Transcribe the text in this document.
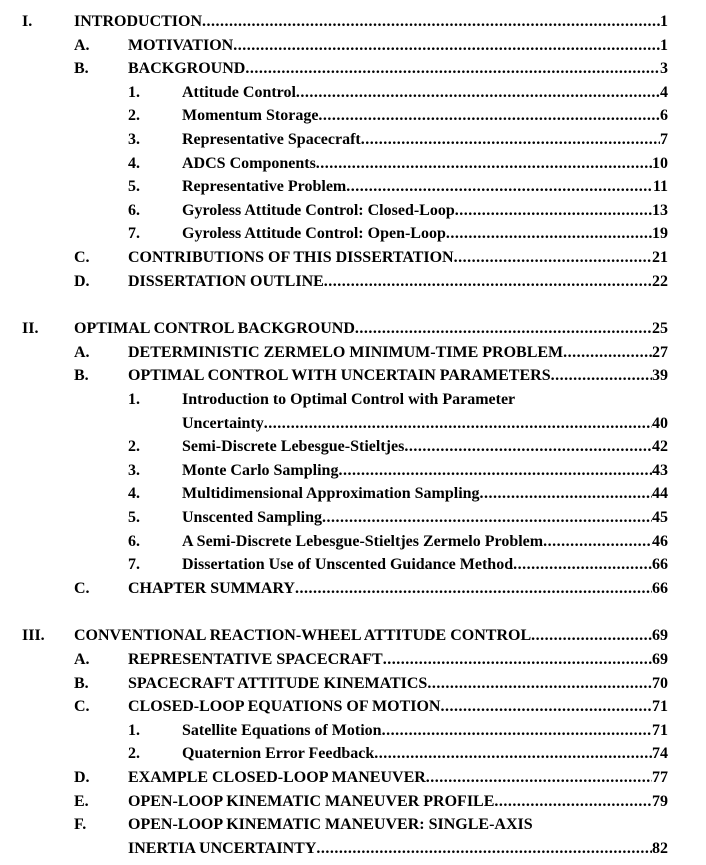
I.	INTRODUCTION .....	1
A. MOTIVATION .....	1
B. BACKGROUND .....	3
1.	Attitude Control .....	4
2.	Momentum Storage .....	6
3.	Representative Spacecraft .....	7
4.	ADCS Components .....	10
5.	Representative Problem .....	11
6.	Gyroless Attitude Control: Closed-Loop .....	13
7.	Gyroless Attitude Control: Open-Loop .....	19
C. CONTRIBUTIONS OF THIS DISSERTATION .....	21
D. DISSERTATION OUTLINE .....	22
II. OPTIMAL CONTROL BACKGROUND .....	25
A. DETERMINISTIC ZERMELO MINIMUM-TIME PROBLEM .....	27
B. OPTIMAL CONTROL WITH UNCERTAIN PARAMETERS .....	39
1.	Introduction to Optimal Control with Parameter
Uncertainty .....	40
2.	Semi-Discrete Lebesgue-Stieltjes .....	42
3.	Monte Carlo Sampling .....	43
4.	Multidimensional Approximation Sampling .....	44
5.	Unscented Sampling .....	45
6.	A Semi-Discrete Lebesgue-Stieltjes Zermelo Problem .....	46
7.	Dissertation Use of Unscented Guidance Method .....	66
C. CHAPTER SUMMARY .....	66
III. CONVENTIONAL REACTION-WHEEL ATTITUDE CONTROL .....	69
A. REPRESENTATIVE SPACECRAFT .....	69
B. SPACECRAFT ATTITUDE KINEMATICS .....	70
C. CLOSED-LOOP EQUATIONS OF MOTION .....	71
1.	Satellite Equations of Motion .....	71
2.	Quaternion Error Feedback .....	74
D. EXAMPLE CLOSED-LOOP MANEUVER .....	77
E. OPEN-LOOP KINEMATIC MANEUVER PROFILE .....	79
F.	OPEN-LOOP KINEMATIC MANEUVER: SINGLE-AXIS
INERTIA UNCERTAINTY .....	82
